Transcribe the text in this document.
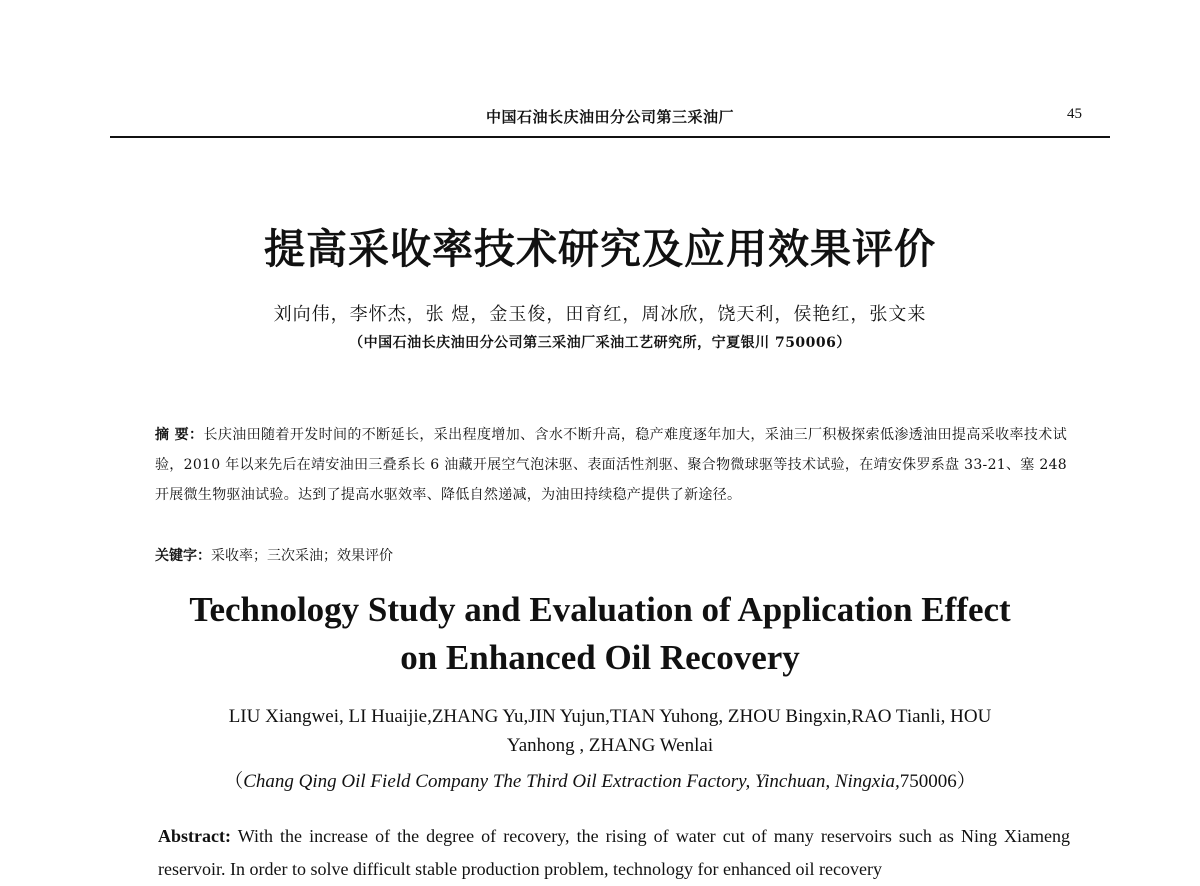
中国石油长庆油田分公司第三采油厂	45
提高采收率技术研究及应用效果评价
刘向伟，李怀杰，张 煜，金玉俊，田育红，周冰欣，饶天利，侯艳红，张文来
（中国石油长庆油田分公司第三采油厂采油工艺研究所，宁夏银川 750006）
摘 要：长庆油田随着开发时间的不断延长，采出程度增加、含水不断升高，稳产难度逐年加大，采油三厂积极探索低渗透油田提高采收率技术试验，2010 年以来先后在靖安油田三叠系长 6 油藏开展空气泡沫驱、表面活性剂驱、聚合物微球驱等技术试验，在靖安侏罗系盘 33-21、塞 248 开展微生物驱油试验。达到了提高水驱效率、降低自然递减，为油田持续稳产提供了新途径。
关键字：采收率；三次采油；效果评价
Technology Study and Evaluation of Application Effect
on Enhanced Oil Recovery
LIU Xiangwei, LI Huaijie,ZHANG Yu,JIN Yujun,TIAN Yuhong, ZHOU Bingxin,RAO Tianli, HOU Yanhong , ZHANG Wenlai
（Chang Qing Oil Field Company The Third Oil Extraction Factory, Yinchuan, Ningxia,750006）
Abstract: With the increase of the degree of recovery, the rising of water cut of many reservoirs such as Ning Xiameng reservoir. In order to solve difficult stable production problem, technology for enhanced oil recovery
